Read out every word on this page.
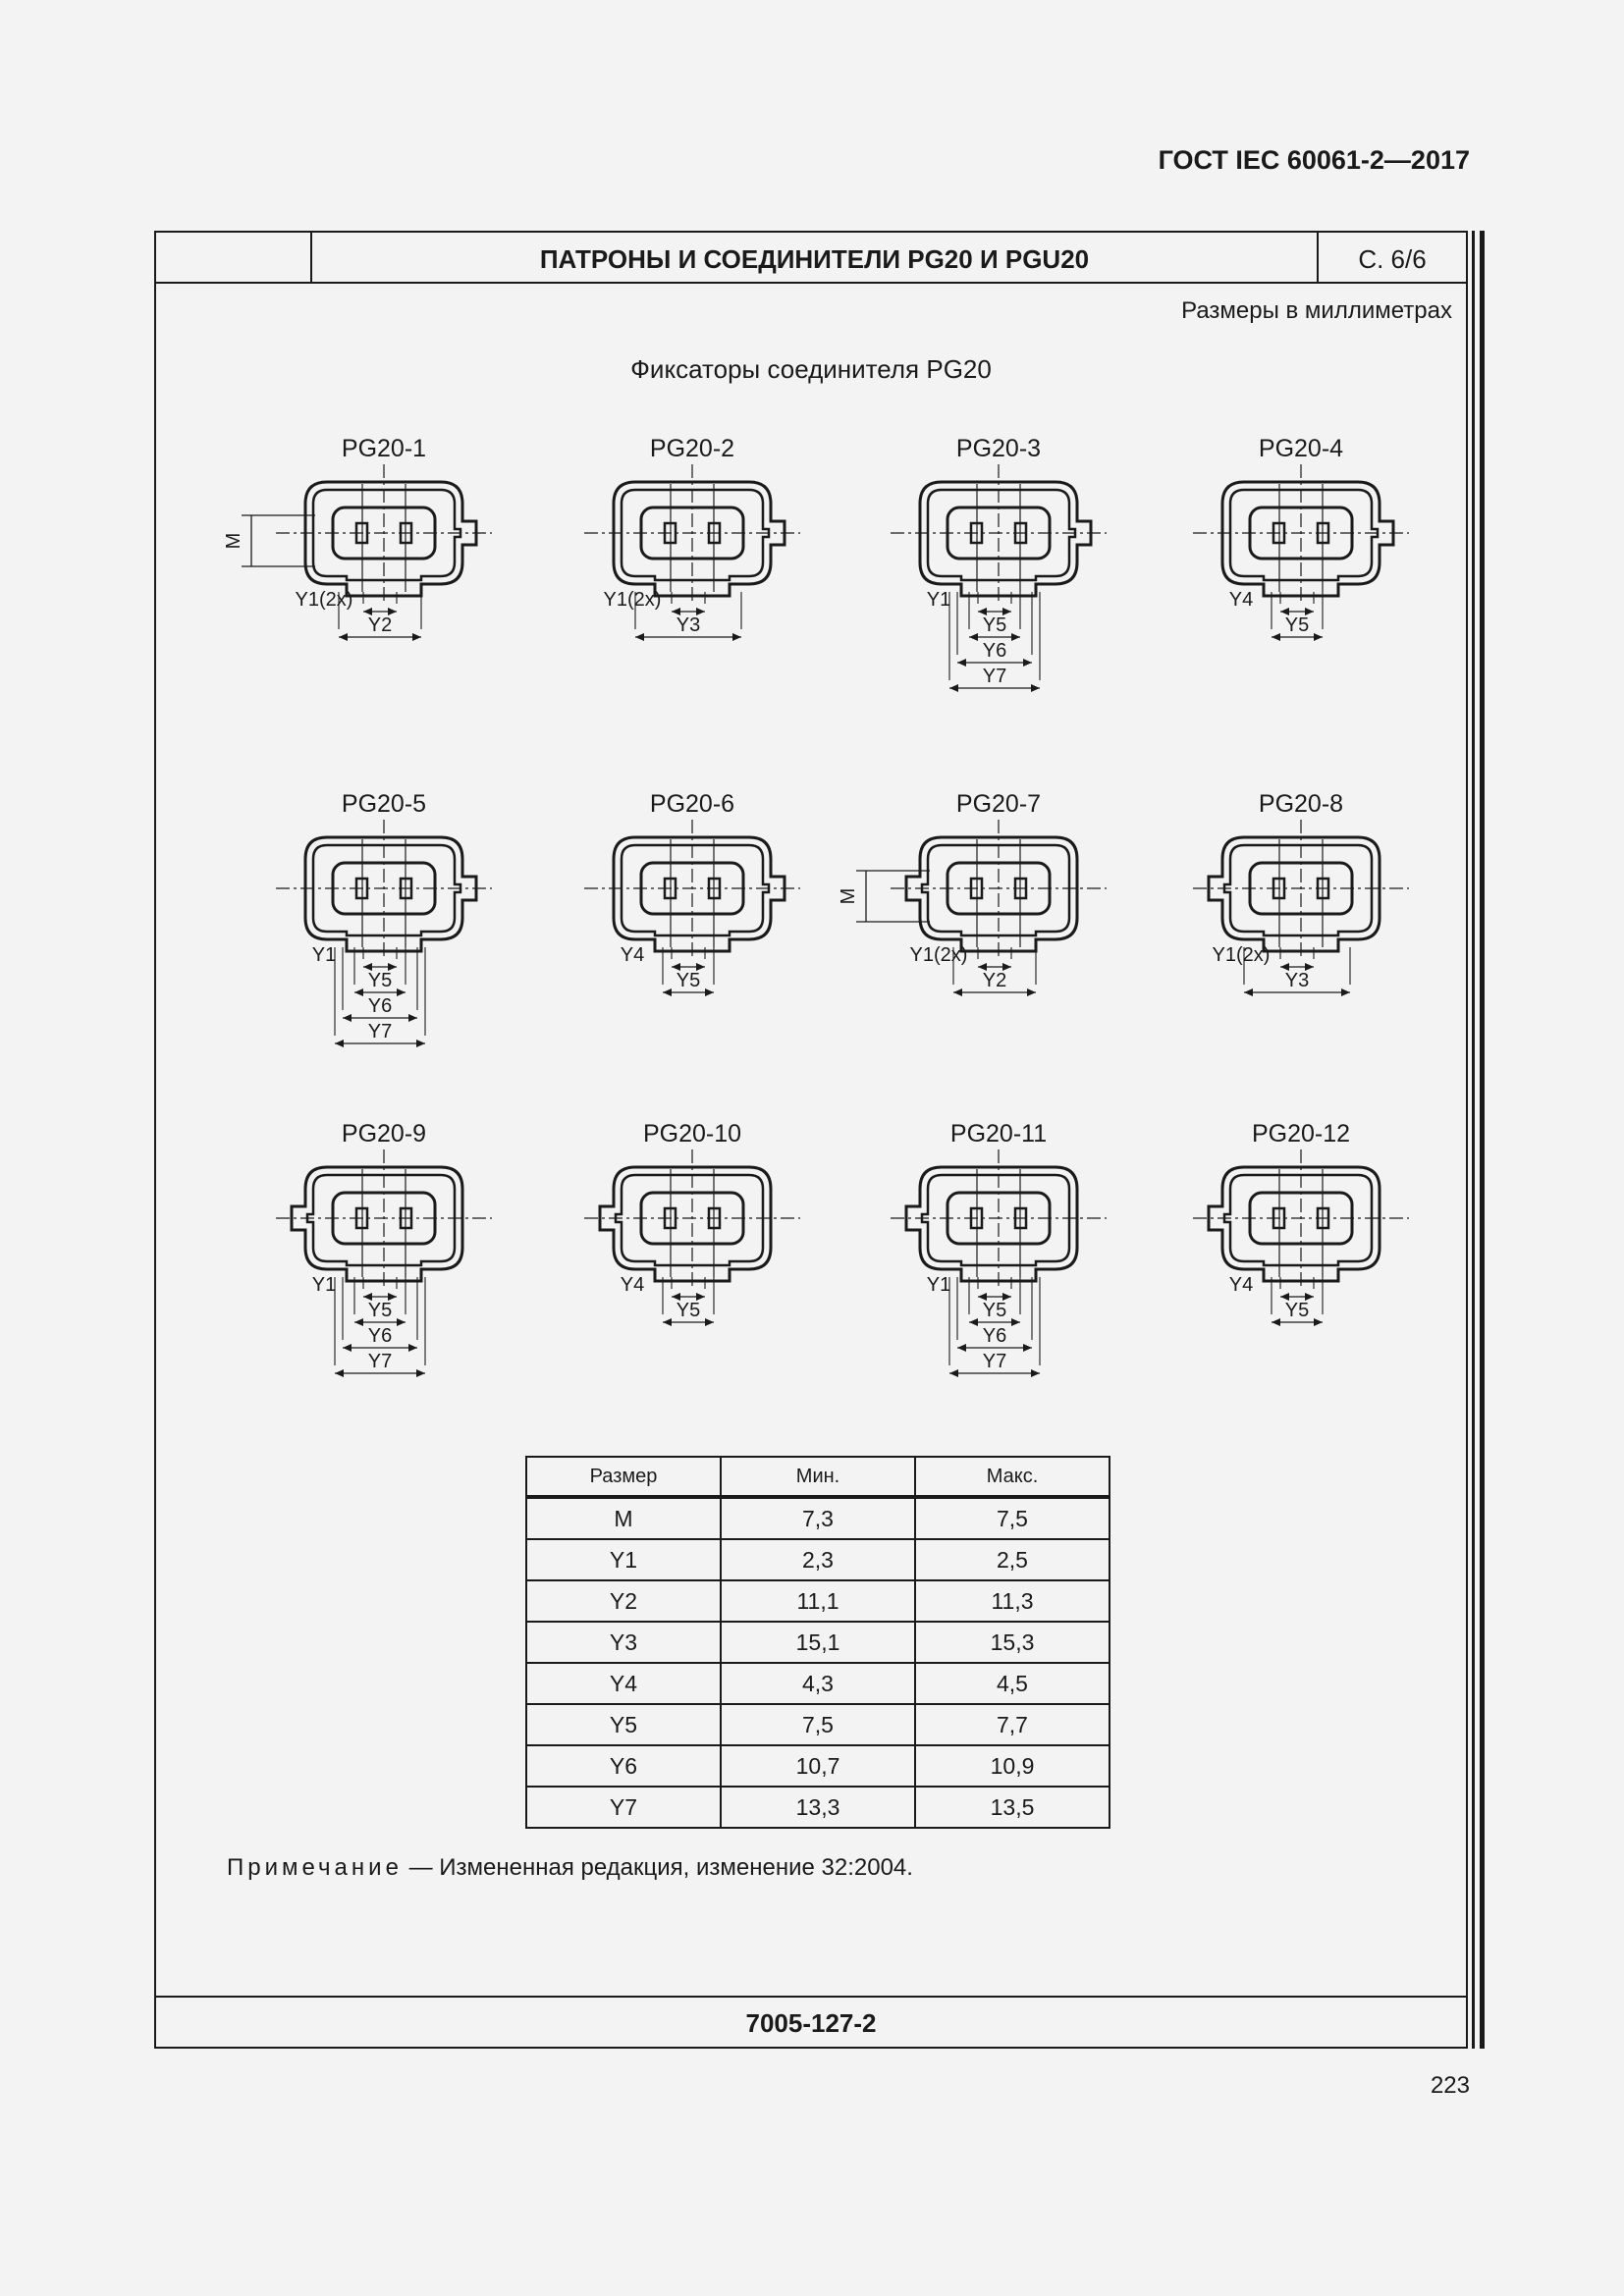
ГОСТ IEC 60061-2—2017
ПАТРОНЫ И СОЕДИНИТЕЛИ PG20 И PGU20	С. 6/6
Размеры в миллиметрах
Фиксаторы соединителя PG20
PG20-1
M
Y1(2x)
Y2
PG20-2
Y1(2x)
Y3
PG20-3
Y1
Y5
Y6
Y7
PG20-4
Y4
Y5
PG20-5
Y1
Y5
Y6
Y7
PG20-6
Y4
Y5
PG20-7
M
Y1(2x)
Y2
PG20-8
Y1(2x)
Y3
PG20-9
Y1
Y5
Y6
Y7
PG20-10
Y4
Y5
PG20-11
Y1
Y5
Y6
Y7
PG20-12
Y4
Y5
Размер	Мин.	Макс.
M	7,3	7,5
Y1	2,3	2,5
Y2	11,1	11,3
Y3	15,1	15,3
Y4	4,3	4,5
Y5	7,5	7,7
Y6	10,7	10,9
Y7	13,3	13,5
Примечание — Измененная редакция, изменение 32:2004.
7005-127-2
223
